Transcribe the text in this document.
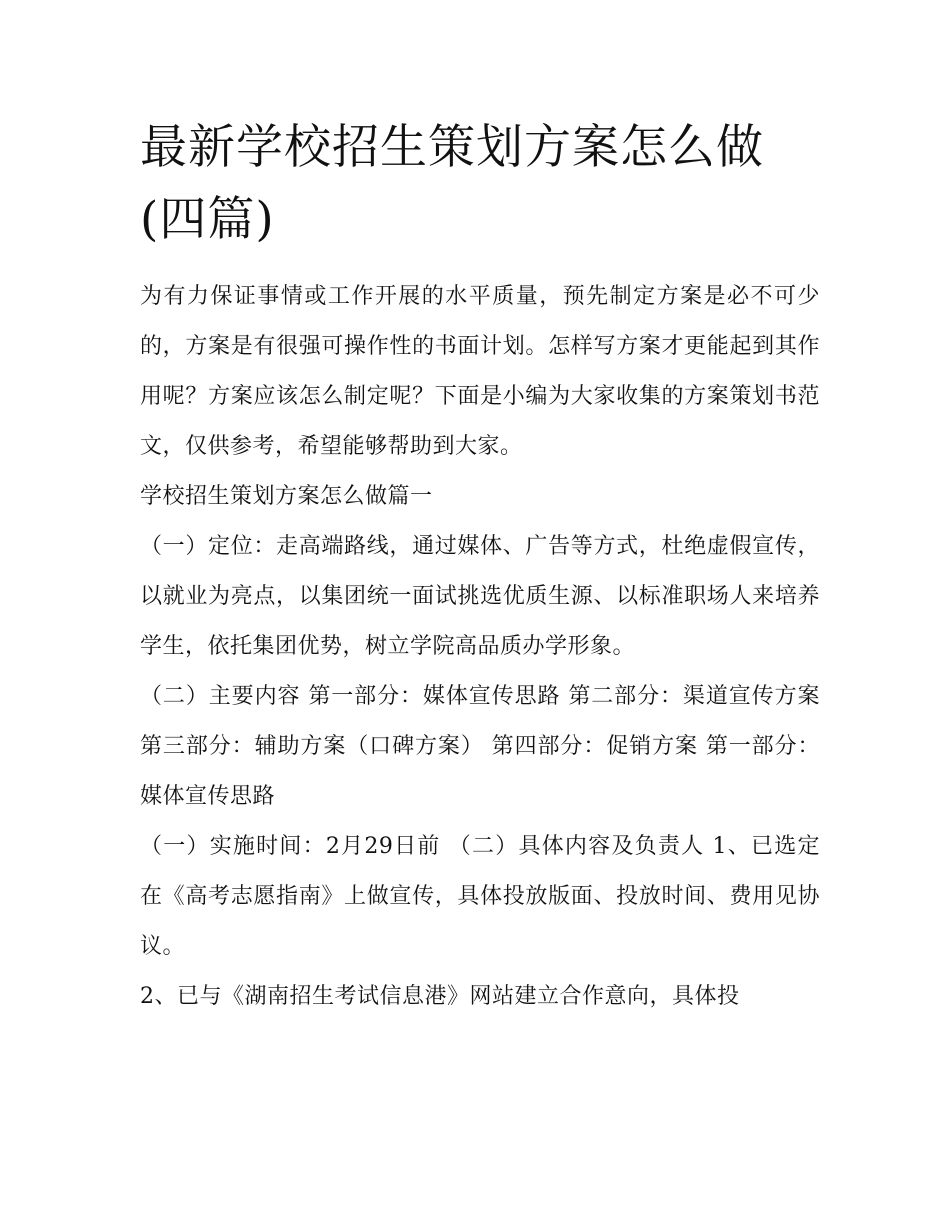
最新学校招生策划方案怎么做(四篇)

为有力保证事情或工作开展的水平质量，预先制定方案是必不可少的，方案是有很强可操作性的书面计划。怎样写方案才更能起到其作用呢？方案应该怎么制定呢？下面是小编为大家收集的方案策划书范文，仅供参考，希望能够帮助到大家。

学校招生策划方案怎么做篇一

（一）定位：走高端路线，通过媒体、广告等方式，杜绝虚假宣传，以就业为亮点，以集团统一面试挑选优质生源、以标准职场人来培养学生，依托集团优势，树立学院高品质办学形象。

（二）主要内容 第一部分：媒体宣传思路 第二部分：渠道宣传方案 第三部分：辅助方案（口碑方案） 第四部分：促销方案 第一部分：媒体宣传思路

（一）实施时间：2月29日前 （二）具体内容及负责人 1、已选定在《高考志愿指南》上做宣传，具体投放版面、投放时间、费用见协议。

2、已与《湖南招生考试信息港》网站建立合作意向，具体投
